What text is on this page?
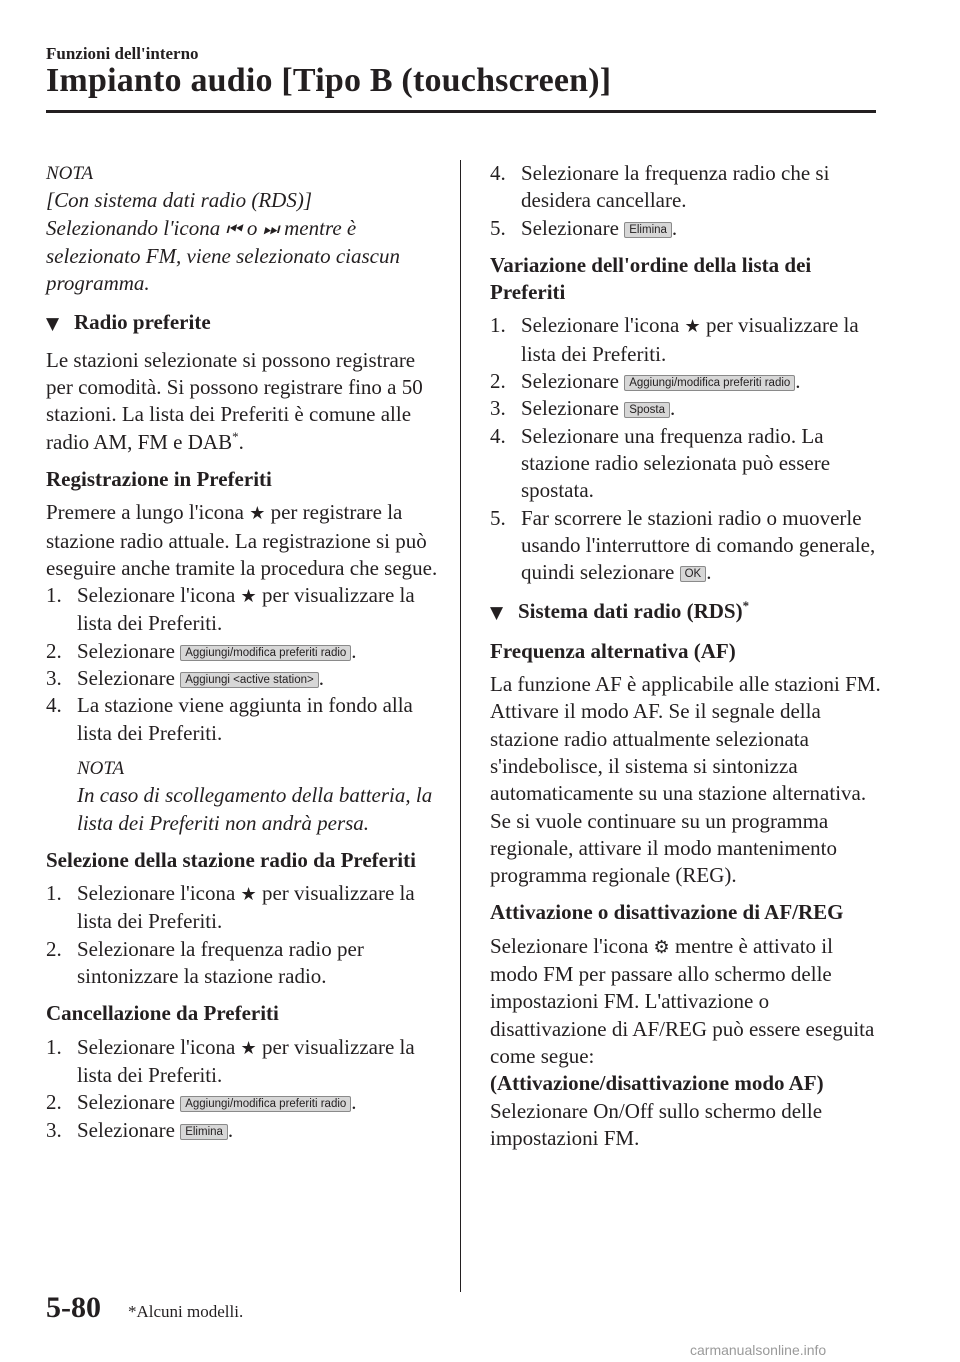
Funzioni dell'interno
Impianto audio [Tipo B (touchscreen)]

NOTA

[Con sistema dati radio (RDS)]

Selezionando l'icona ⏮ o ⏭ mentre è selezionato FM, viene selezionato ciascun programma.

▼ Radio preferite

Le stazioni selezionate si possono registrare per comodità. Si possono registrare fino a 50 stazioni. La lista dei Preferiti è comune alle radio AM, FM e DAB*.

Registrazione in Preferiti

Premere a lungo l'icona ★ per registrare la stazione radio attuale. La registrazione si può eseguire anche tramite la procedura che segue.

1. Selezionare l'icona ★ per visualizzare la lista dei Preferiti.
2. Selezionare Aggiungi/modifica preferiti radio .
3. Selezionare Aggiungi <active station> .
4. La stazione viene aggiunta in fondo alla lista dei Preferiti.

NOTA

In caso di scollegamento della batteria, la lista dei Preferiti non andrà persa.

Selezione della stazione radio da Preferiti

1. Selezionare l'icona ★ per visualizzare la lista dei Preferiti.
2. Selezionare la frequenza radio per sintonizzare la stazione radio.

Cancellazione da Preferiti

1. Selezionare l'icona ★ per visualizzare la lista dei Preferiti.
2. Selezionare Aggiungi/modifica preferiti radio .
3. Selezionare Elimina .
4. Selezionare la frequenza radio che si desidera cancellare.
5. Selezionare Elimina .

Variazione dell'ordine della lista dei Preferiti

1. Selezionare l'icona ★ per visualizzare la lista dei Preferiti.
2. Selezionare Aggiungi/modifica preferiti radio .
3. Selezionare Sposta .
4. Selezionare una frequenza radio. La stazione radio selezionata può essere spostata.
5. Far scorrere le stazioni radio o muoverle usando l'interruttore di comando generale, quindi selezionare OK .

▼ Sistema dati radio (RDS)*

Frequenza alternativa (AF)

La funzione AF è applicabile alle stazioni FM. Attivare il modo AF. Se il segnale della stazione radio attualmente selezionata s'indebolisce, il sistema si sintonizza automaticamente su una stazione alternativa.

Se si vuole continuare su un programma regionale, attivare il modo mantenimento programma regionale (REG).

Attivazione o disattivazione di AF/REG

Selezionare l'icona ⚙ mentre è attivato il modo FM per passare allo schermo delle impostazioni FM. L'attivazione o disattivazione di AF/REG può essere eseguita come segue:

(Attivazione/disattivazione modo AF)

Selezionare On/Off sullo schermo delle impostazioni FM.

5-80 *Alcuni modelli.
carmanualsonline.info
